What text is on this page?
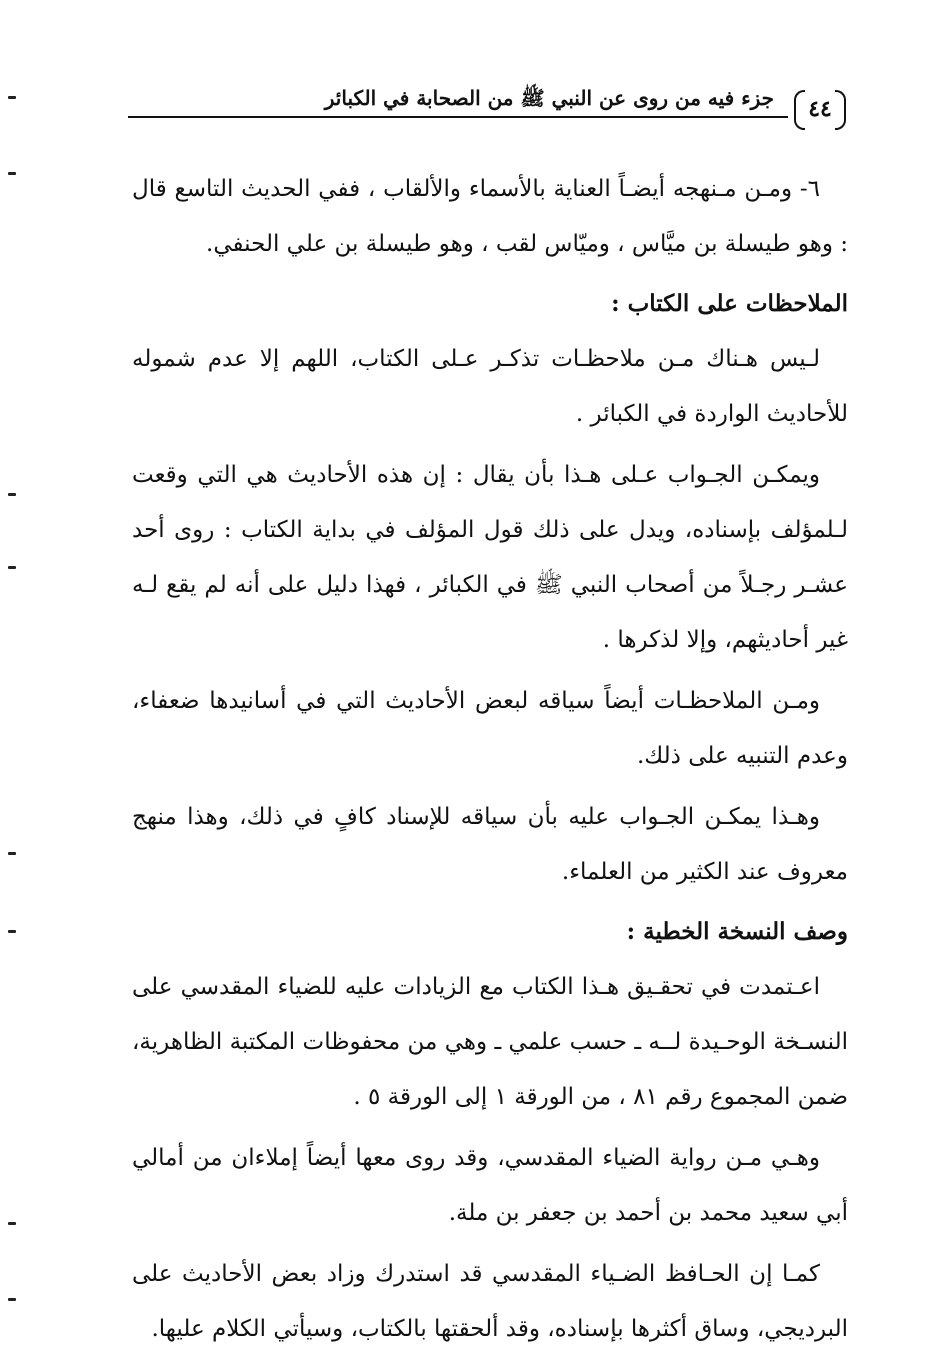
جزء فيه من روى عن النبي ﷺ من الصحابة في الكبائر ٤٤

٦- ومـن مـنهجه أيضـاً العناية بالأسماء والألقاب ، ففي الحديث التاسع قال : وهو طيسلة بن ميَّاس ، وميّاس لقب ، وهو طيسلة بن علي الحنفي.

الملاحظات على الكتاب :

لـيس هـناك مـن ملاحظـات تذكـر عـلى الكتاب، اللهم إلا عدم شموله للأحاديث الواردة في الكبائر .

ويمكـن الجـواب عـلى هـذا بأن يقال : إن هذه الأحاديث هي التي وقعت لـلمؤلف بإسناده، ويدل على ذلك قول المؤلف في بداية الكتاب : روى أحد عشـر رجـلاً من أصحاب النبي ﷺ في الكبائر ، فهذا دليل على أنه لم يقع لـه غير أحاديثهم، وإلا لذكرها .

ومـن الملاحظـات أيضاً سياقه لبعض الأحاديث التي في أسانيدها ضعفاء، وعدم التنبيه على ذلك.

وهـذا يمكـن الجـواب عليه بأن سياقه للإسناد كافٍ في ذلك، وهذا منهج معروف عند الكثير من العلماء.

وصف النسخة الخطية :

اعـتمدت في تحقـيق هـذا الكتاب مع الزيادات عليه للضياء المقدسي على النسـخة الوحـيدة لــه ـ حسب علمي ـ وهي من محفوظات المكتبة الظاهرية، ضمن المجموع رقم ٨١ ، من الورقة ١ إلى الورقة ٥ .

وهـي مـن رواية الضياء المقدسي، وقد روى معها أيضاً إملاءان من أمالي أبي سعيد محمد بن أحمد بن جعفر بن ملة.

كمـا إن الحـافظ الضـياء المقدسي قد استدرك وزاد بعض الأحاديث على البرديجي، وساق أكثرها بإسناده، وقد ألحقتها بالكتاب، وسيأتي الكلام عليها.
